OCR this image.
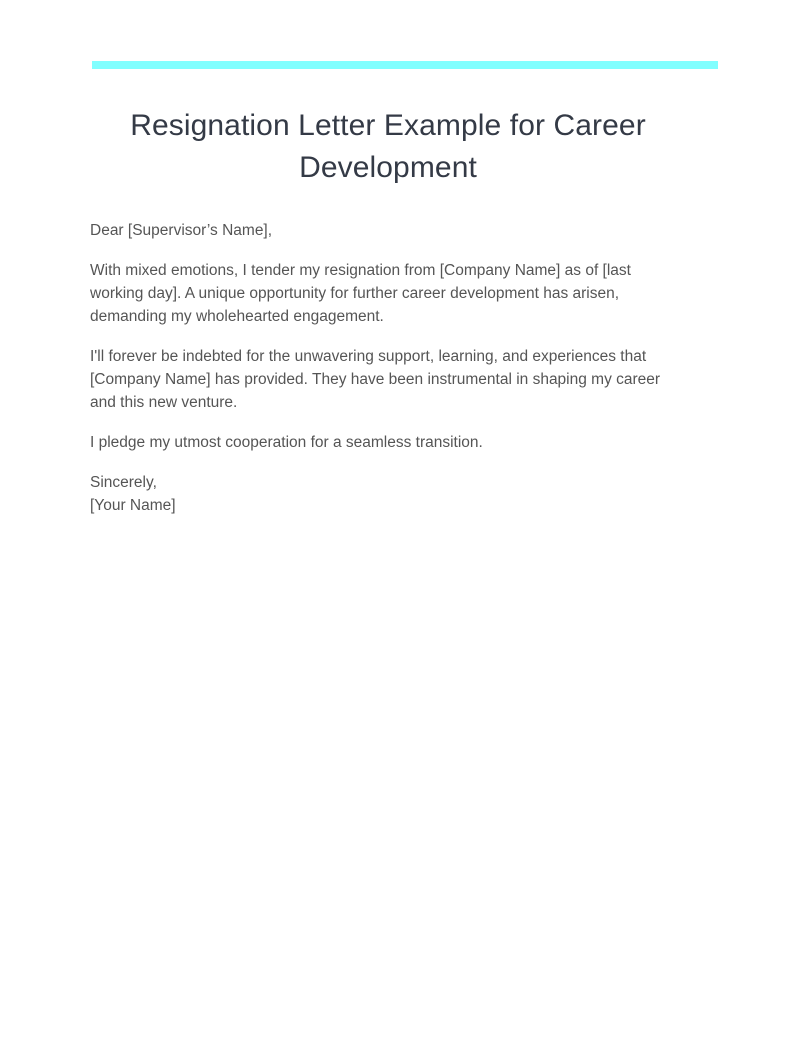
Resignation Letter Example for Career Development

Dear [Supervisor’s Name],

With mixed emotions, I tender my resignation from [Company Name] as of [last working day]. A unique opportunity for further career development has arisen, demanding my wholehearted engagement.

I'll forever be indebted for the unwavering support, learning, and experiences that [Company Name] has provided. They have been instrumental in shaping my career and this new venture.

I pledge my utmost cooperation for a seamless transition.

Sincerely,
[Your Name]
